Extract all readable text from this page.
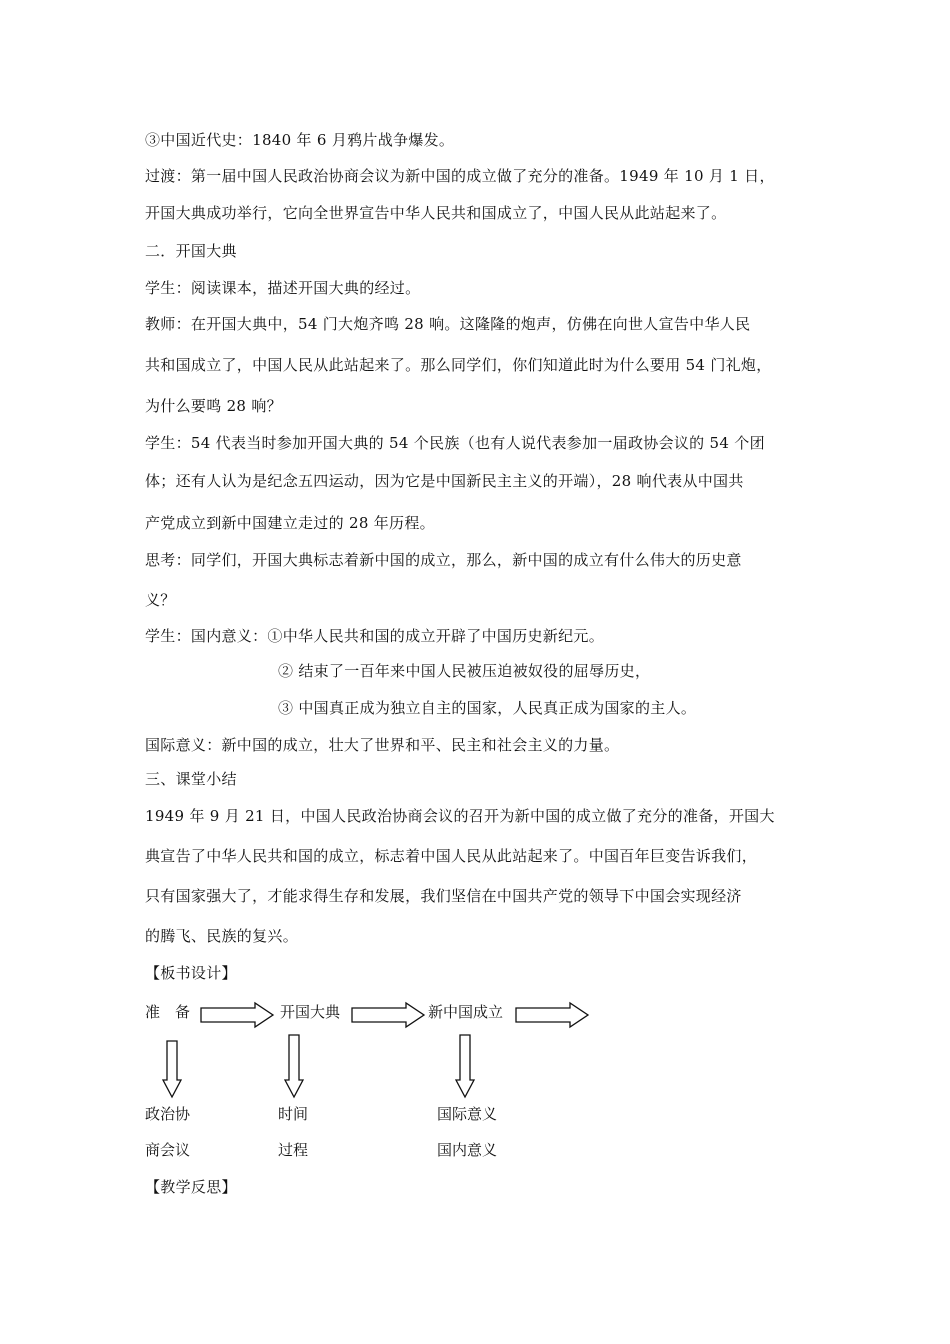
③中国近代史：1840 年 6 月鸦片战争爆发。
过渡：第一届中国人民政治协商会议为新中国的成立做了充分的准备。1949 年 10 月 1 日，
开国大典成功举行，它向全世界宣告中华人民共和国成立了，中国人民从此站起来了。
二．开国大典
学生：阅读课本，描述开国大典的经过。
教师：在开国大典中，54 门大炮齐鸣 28 响。这隆隆的炮声，仿佛在向世人宣告中华人民
共和国成立了，中国人民从此站起来了。那么同学们，你们知道此时为什么要用 54 门礼炮，
为什么要鸣 28 响？
学生：54 代表当时参加开国大典的 54 个民族（也有人说代表参加一届政协会议的 54 个团
体；还有人认为是纪念五四运动，因为它是中国新民主主义的开端），28 响代表从中国共
产党成立到新中国建立走过的 28 年历程。
思考：同学们，开国大典标志着新中国的成立，那么，新中国的成立有什么伟大的历史意
义？
学生：国内意义：①中华人民共和国的成立开辟了中国历史新纪元。
② 结束了一百年来中国人民被压迫被奴役的屈辱历史，
③ 中国真正成为独立自主的国家，人民真正成为国家的主人。
国际意义：新中国的成立，壮大了世界和平、民主和社会主义的力量。
三、课堂小结
1949 年 9 月 21 日，中国人民政治协商会议的召开为新中国的成立做了充分的准备，开国大
典宣告了中华人民共和国的成立，标志着中国人民从此站起来了。中国百年巨变告诉我们，
只有国家强大了，才能求得生存和发展，我们坚信在中国共产党的领导下中国会实现经济
的腾飞、民族的复兴。
【板书设计】
准　备	开国大典	新中国成立
政治协
商会议
时间
过程
国际意义
国内意义
【教学反思】
